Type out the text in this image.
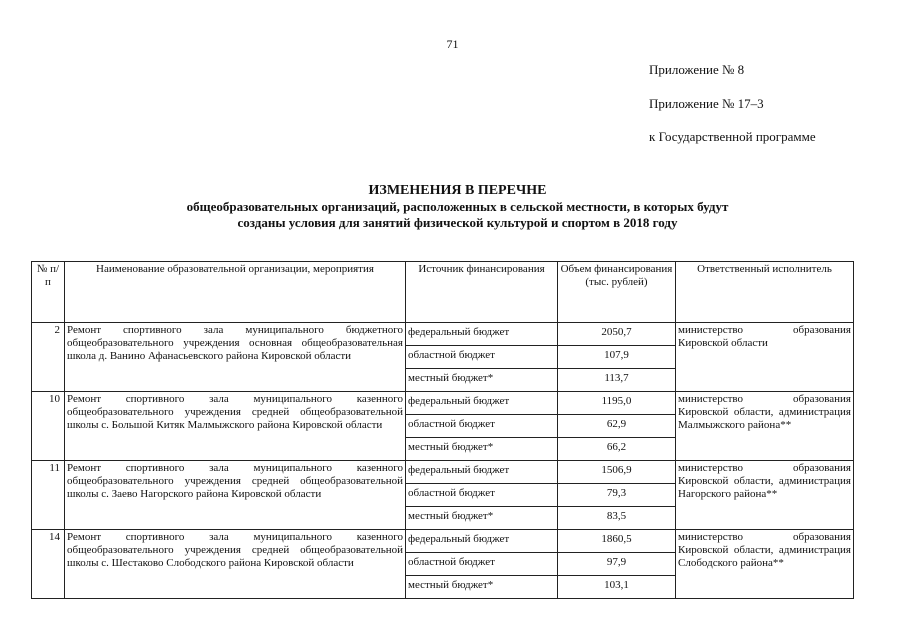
71
Приложение № 8
Приложение № 17–3
к Государственной программе
ИЗМЕНЕНИЯ В ПЕРЕЧНЕ
общеобразовательных организаций, расположенных в сельской местности, в которых будут
созданы условия для занятий физической культурой и спортом в 2018 году
№ п/п	Наименование образовательной организации, мероприятия	Источник финансирования	Объем финансирования (тыс. рублей)	Ответственный исполнитель
2	Ремонт спортивного зала муниципального бюджетного общеобразовательного учреждения основная общеобразовательная школа д. Ванино Афанасьевского района Кировской области	федеральный бюджет	2050,7	министерство образования Кировской области
		областной бюджет	107,9	
		местный бюджет*	113,7	
10	Ремонт спортивного зала муниципального казенного общеобразовательного учреждения средней общеобразовательной школы с. Большой Китяк Малмыжского района Кировской области	федеральный бюджет	1195,0	министерство образования Кировской области, администрация Малмыжского района**
		областной бюджет	62,9	
		местный бюджет*	66,2	
11	Ремонт спортивного зала муниципального казенного общеобразовательного учреждения средней общеобразовательной школы с. Заево Нагорского района Кировской области	федеральный бюджет	1506,9	министерство образования Кировской области, администрация Нагорского района**
		областной бюджет	79,3	
		местный бюджет*	83,5	
14	Ремонт спортивного зала муниципального казенного общеобразовательного учреждения средней общеобразовательной школы с. Шестаково Слободского района Кировской области	федеральный бюджет	1860,5	министерство образования Кировской области, администрация Слободского района**
		областной бюджет	97,9	
		местный бюджет*	103,1	
